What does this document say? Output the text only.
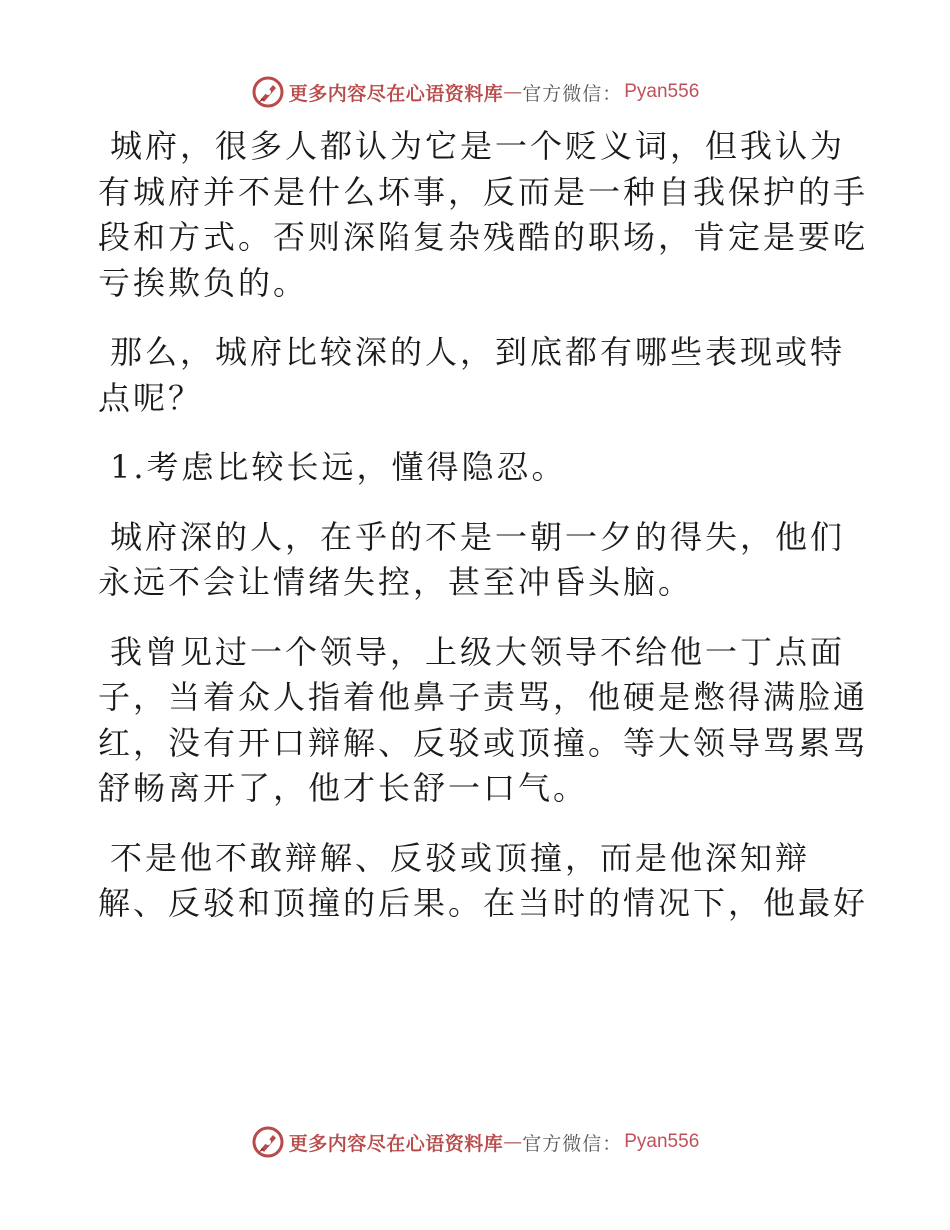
更多内容尽在心语资料库 — 官方微信： Pyan556
城府，很多人都认为它是一个贬义词，但我认为
有城府并不是什么坏事，反而是一种自我保护的手
段和方式。否则深陷复杂残酷的职场，肯定是要吃
亏挨欺负的。
那么，城府比较深的人，到底都有哪些表现或特
点呢？
1.考虑比较长远，懂得隐忍。
城府深的人，在乎的不是一朝一夕的得失，他们
永远不会让情绪失控，甚至冲昏头脑。
我曾见过一个领导，上级大领导不给他一丁点面
子，当着众人指着他鼻子责骂，他硬是憋得满脸通
红，没有开口辩解、反驳或顶撞。等大领导骂累骂
舒畅离开了，他才长舒一口气。
不是他不敢辩解、反驳或顶撞，而是他深知辩
解、反驳和顶撞的后果。在当时的情况下，他最好
更多内容尽在心语资料库 — 官方微信： Pyan556
